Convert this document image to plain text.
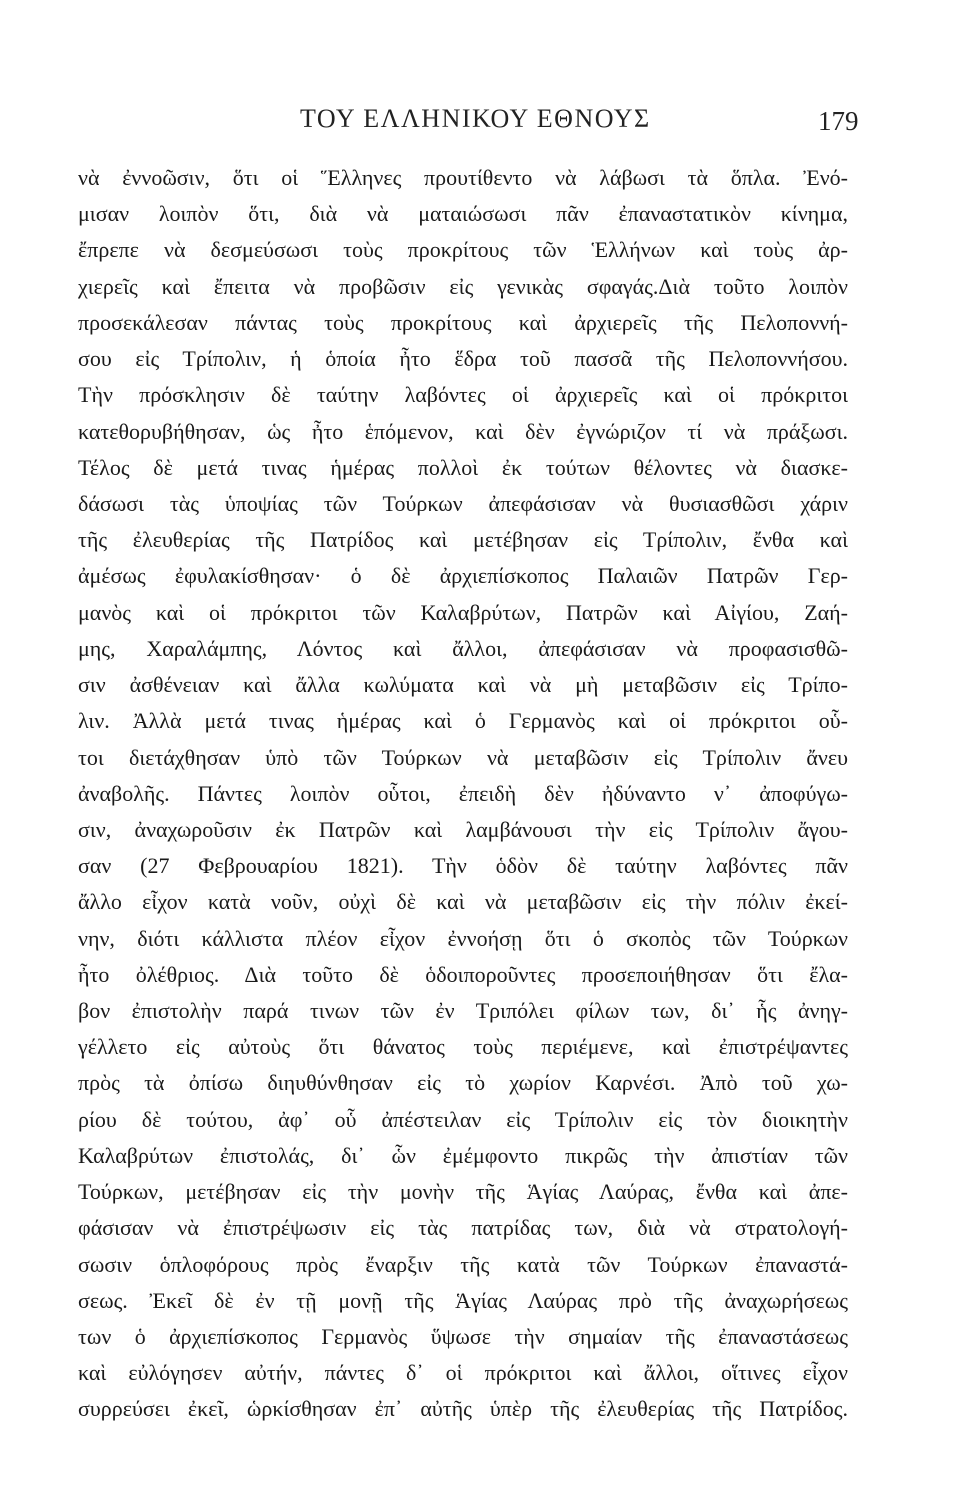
ΤΟΥ ΕΛΛΗΝΙΚΟΥ ΕΘΝΟΥΣ	179
νὰ ἐννοῶσιν, ὅτι οἱ Ἕλληνες προυτίθεντο νὰ λάβωσι τὰ ὅπλα. Ἐνό-
μισαν λοιπὸν ὅτι, διὰ νὰ ματαιώσωσι πᾶν ἐπαναστατικὸν κίνημα,
ἔπρεπε νὰ δεσμεύσωσι τοὺς προκρίτους τῶν Ἑλλήνων καὶ τοὺς ἀρ-
χιερεῖς καὶ ἔπειτα νὰ προβῶσιν εἰς γενικὰς σφαγάς.Διὰ τοῦτο λοιπὸν
προσεκάλεσαν πάντας τοὺς προκρίτους καὶ ἀρχιερεῖς τῆς Πελοποννή-
σου εἰς Τρίπολιν, ἡ ὁποία ἦτο ἕδρα τοῦ πασσᾶ τῆς Πελοποννήσου.
Τὴν πρόσκλησιν δὲ ταύτην λαβόντες οἱ ἀρχιερεῖς καὶ οἱ πρόκριτοι
κατεθορυβήθησαν, ὡς ἦτο ἑπόμενον, καὶ δὲν ἐγνώριζον τί νὰ πράξωσι.
Τέλος δὲ μετά τινας ἡμέρας πολλοὶ ἐκ τούτων θέλοντες νὰ διασκε-
δάσωσι τὰς ὑποψίας τῶν Τούρκων ἀπεφάσισαν νὰ θυσιασθῶσι χάριν
τῆς ἐλευθερίας τῆς Πατρίδος καὶ μετέβησαν εἰς Τρίπολιν, ἔνθα καὶ
ἀμέσως ἐφυλακίσθησαν· ὁ δὲ ἀρχιεπίσκοπος Παλαιῶν Πατρῶν Γερ-
μανὸς καὶ οἱ πρόκριτοι τῶν Καλαβρύτων, Πατρῶν καὶ Αἰγίου, Ζαή-
μης, Χαραλάμπης, Λόντος καὶ ἄλλοι, ἀπεφάσισαν νὰ προφασισθῶ-
σιν ἀσθένειαν καὶ ἄλλα κωλύματα καὶ νὰ μὴ μεταβῶσιν εἰς Τρίπο-
λιν. Ἀλλὰ μετά τινας ἡμέρας καὶ ὁ Γερμανὸς καὶ οἱ πρόκριτοι οὗ-
τοι διετάχθησαν ὑπὸ τῶν Τούρκων νὰ μεταβῶσιν εἰς Τρίπολιν ἄνευ
ἀναβολῆς. Πάντες λοιπὸν οὗτοι, ἐπειδὴ δὲν ἠδύναντο ν᾽ ἀποφύγω-
σιν, ἀναχωροῦσιν ἐκ Πατρῶν καὶ λαμβάνουσι τὴν εἰς Τρίπολιν ἄγου-
σαν (27 Φεβρουαρίου 1821). Τὴν ὁδὸν δὲ ταύτην λαβόντες πᾶν
ἄλλο εἶχον κατὰ νοῦν, οὐχὶ δὲ καὶ νὰ μεταβῶσιν εἰς τὴν πόλιν ἐκεί-
νην, διότι κάλλιστα πλέον εἶχον ἐννοήσῃ ὅτι ὁ σκοπὸς τῶν Τούρκων
ἦτο ὀλέθριος. Διὰ τοῦτο δὲ ὁδοιποροῦντες προσεποιήθησαν ὅτι ἔλα-
βον ἐπιστολὴν παρά τινων τῶν ἐν Τριπόλει φίλων των, δι᾽ ἧς ἀνηγ-
γέλλετο εἰς αὐτοὺς ὅτι θάνατος τοὺς περιέμενε, καὶ ἐπιστρέψαντες
πρὸς τὰ ὀπίσω διηυθύνθησαν εἰς τὸ χωρίον Καρνέσι. Ἀπὸ τοῦ χω-
ρίου δὲ τούτου, ἀφ᾽ οὗ ἀπέστειλαν εἰς Τρίπολιν εἰς τὸν διοικητὴν
Καλαβρύτων ἐπιστολάς, δι᾽ ὧν ἐμέμφοντο πικρῶς τὴν ἀπιστίαν τῶν
Τούρκων, μετέβησαν εἰς τὴν μονὴν τῆς Ἁγίας Λαύρας, ἔνθα καὶ ἀπε-
φάσισαν νὰ ἐπιστρέψωσιν εἰς τὰς πατρίδας των, διὰ νὰ στρατολογή-
σωσιν ὁπλοφόρους πρὸς ἔναρξιν τῆς κατὰ τῶν Τούρκων ἐπαναστά-
σεως. Ἐκεῖ δὲ ἐν τῇ μονῇ τῆς Ἁγίας Λαύρας πρὸ τῆς ἀναχωρήσεως
των ὁ ἀρχιεπίσκοπος Γερμανὸς ὕψωσε τὴν σημαίαν τῆς ἐπαναστάσεως
καὶ εὐλόγησεν αὐτήν, πάντες δ᾽ οἱ πρόκριτοι καὶ ἄλλοι, οἵτινες εἶχον
συρρεύσει ἐκεῖ, ὡρκίσθησαν ἐπ᾽ αὐτῆς ὑπὲρ τῆς ἐλευθερίας τῆς Πατρίδος.
